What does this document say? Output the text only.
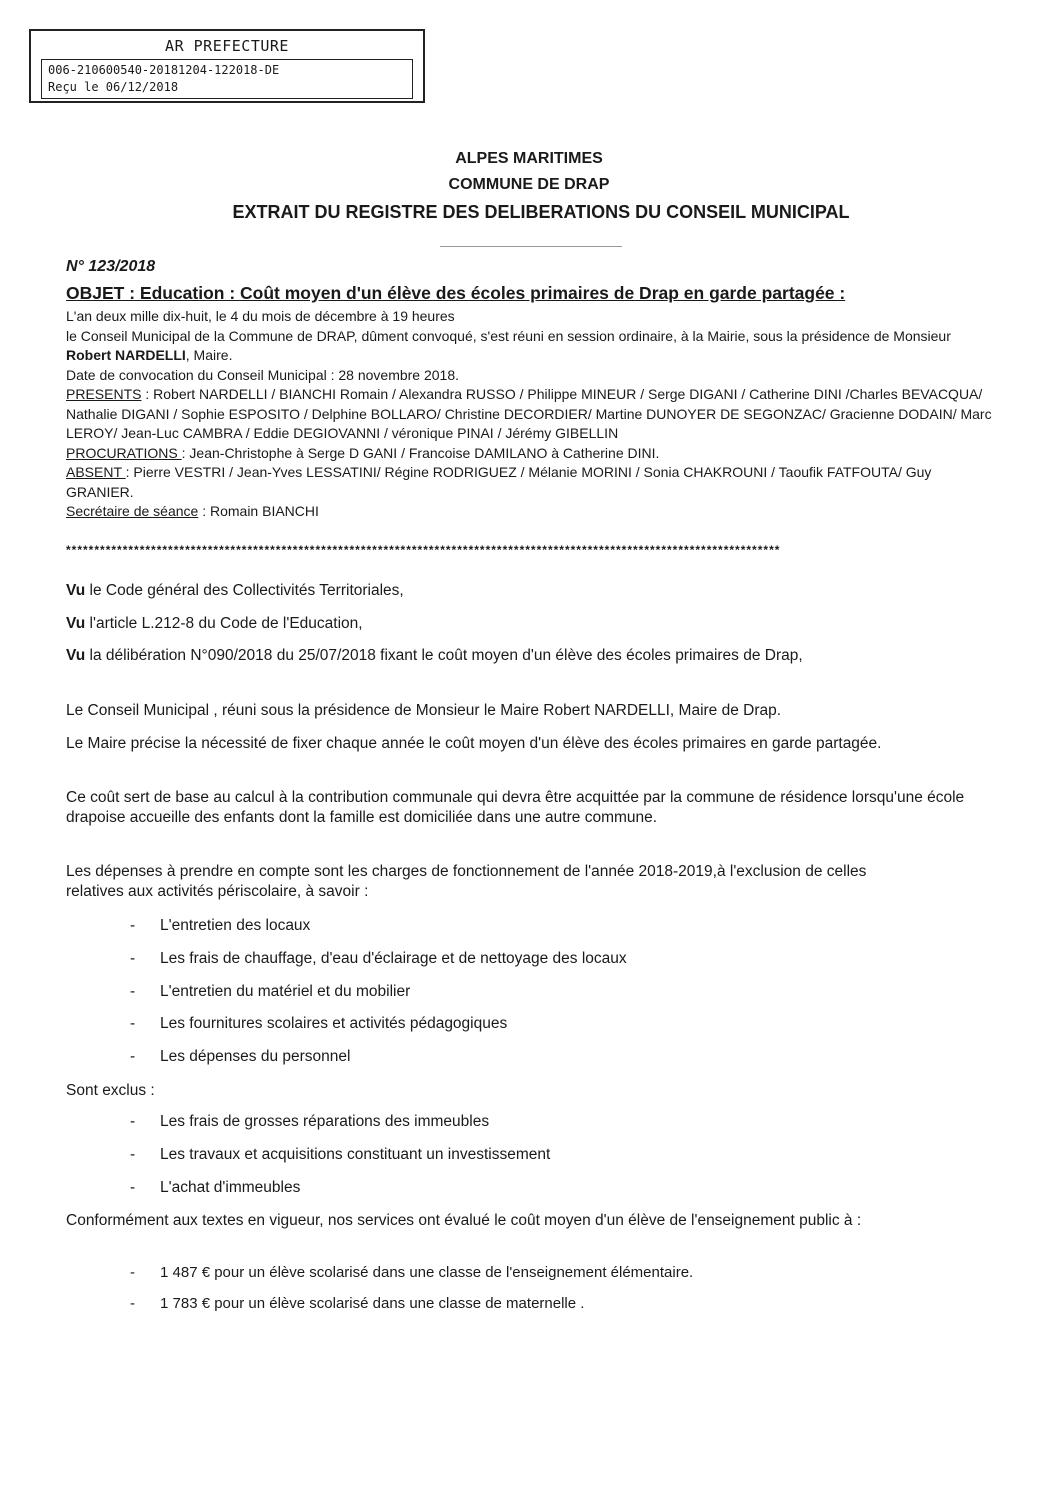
AR PREFECTURE
006-210600540-20181204-122018-DE
Reçu le 06/12/2018
ALPES MARITIMES
COMMUNE DE DRAP
EXTRAIT DU REGISTRE DES DELIBERATIONS DU CONSEIL MUNICIPAL
N° 123/2018
OBJET : Education : Coût moyen d'un élève des écoles primaires de Drap en garde partagée :

L'an deux mille dix-huit, le 4 du mois de décembre à 19 heures

le Conseil Municipal de la Commune de DRAP, dûment convoqué, s'est réuni en session ordinaire, à la Mairie, sous la présidence de Monsieur Robert NARDELLI, Maire.

Date de convocation du Conseil Municipal : 28 novembre 2018.

PRESENTS : Robert NARDELLI / BIANCHI Romain / Alexandra RUSSO / Philippe MINEUR / Serge DIGANI / Catherine DINI /Charles BEVACQUA/ Nathalie DIGANI / Sophie ESPOSITO / Delphine BOLLARO/ Christine DECORDIER/ Martine DUNOYER DE SEGONZAC/ Gracienne DODAIN/ Marc LEROY/ Jean-Luc CAMBRA / Eddie DEGIOVANNI / véronique PINAI / Jérémy GIBELLIN

PROCURATIONS : Jean-Christophe à Serge D GANI / Francoise DAMILANO à Catherine DINI.

ABSENT : Pierre VESTRI / Jean-Yves LESSATINI/ Régine RODRIGUEZ / Mélanie MORINI / Sonia CHAKROUNI / Taoufik FATFOUTA/ Guy GRANIER.

Secrétaire de séance : Romain BIANCHI

******************************************************************************************************************************

Vu le Code général des Collectivités Territoriales,

Vu l'article L.212-8 du Code de l'Education,

Vu la délibération N°090/2018 du 25/07/2018 fixant le coût moyen d'un élève des écoles primaires de Drap,

Le Conseil Municipal , réuni sous la présidence de Monsieur le Maire Robert NARDELLI, Maire de Drap.
Le Maire précise la nécessité de fixer chaque année le coût moyen d'un élève des écoles primaires en garde partagée.
Ce coût sert de base au calcul à la contribution communale qui devra être acquittée par la commune de résidence lorsqu'une école drapoise accueille des enfants dont la famille est domiciliée dans une autre commune.
Les dépenses à prendre en compte sont les charges de fonctionnement de l'année 2018-2019,à l'exclusion de celles relatives aux activités périscolaire, à savoir :
- L'entretien des locaux
- Les frais de chauffage, d'eau d'éclairage et de nettoyage des locaux
- L'entretien du matériel et du mobilier
- Les fournitures scolaires et activités pédagogiques
- Les dépenses du personnel
Sont exclus :
- Les frais de grosses réparations des immeubles
- Les travaux et acquisitions constituant un investissement
- L'achat d'immeubles
Conformément aux textes en vigueur, nos services ont évalué le coût moyen d'un élève de l'enseignement public à :
- 1 487 € pour un élève scolarisé dans une classe de l'enseignement élémentaire.
- 1 783 € pour un élève scolarisé dans une classe de maternelle .
